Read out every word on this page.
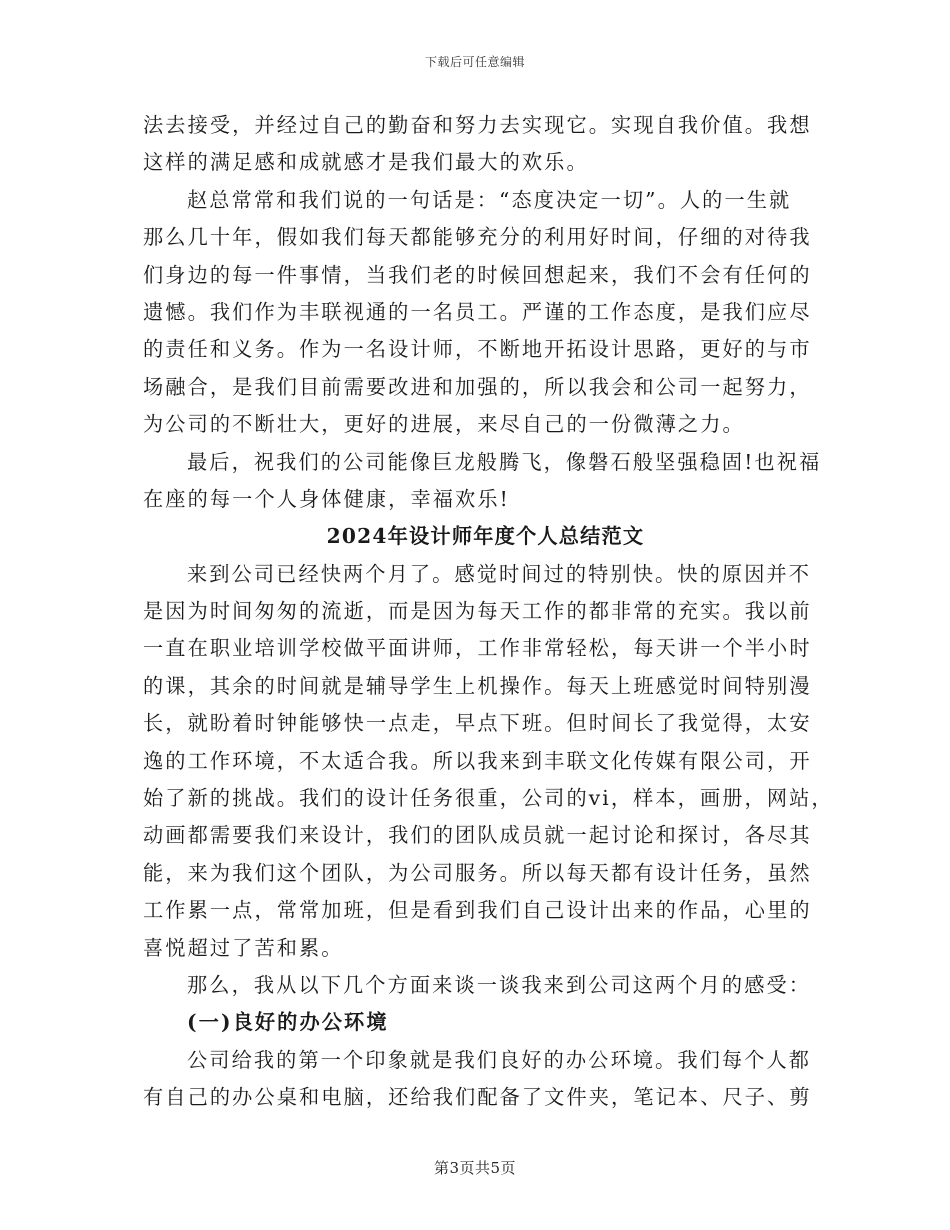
下载后可任意编辑
法去接受，并经过自己的勤奋和努力去实现它。实现自我价值。我想
这样的满足感和成就感才是我们最大的欢乐。
赵总常常和我们说的一句话是：“态度决定一切”。人的一生就
那么几十年，假如我们每天都能够充分的利用好时间，仔细的对待我
们身边的每一件事情，当我们老的时候回想起来，我们不会有任何的
遗憾。我们作为丰联视通的一名员工。严谨的工作态度，是我们应尽
的责任和义务。作为一名设计师，不断地开拓设计思路，更好的与市
场融合，是我们目前需要改进和加强的，所以我会和公司一起努力，
为公司的不断壮大，更好的进展，来尽自己的一份微薄之力。
最后，祝我们的公司能像巨龙般腾飞，像磐石般坚强稳固!也祝福
在座的每一个人身体健康，幸福欢乐!
2024年设计师年度个人总结范文
来到公司已经快两个月了。感觉时间过的特别快。快的原因并不
是因为时间匆匆的流逝，而是因为每天工作的都非常的充实。我以前
一直在职业培训学校做平面讲师，工作非常轻松，每天讲一个半小时
的课，其余的时间就是辅导学生上机操作。每天上班感觉时间特别漫
长，就盼着时钟能够快一点走，早点下班。但时间长了我觉得，太安
逸的工作环境，不太适合我。所以我来到丰联文化传媒有限公司，开
始了新的挑战。我们的设计任务很重，公司的vi，样本，画册，网站，
动画都需要我们来设计，我们的团队成员就一起讨论和探讨，各尽其
能，来为我们这个团队，为公司服务。所以每天都有设计任务，虽然
工作累一点，常常加班，但是看到我们自己设计出来的作品，心里的
喜悦超过了苦和累。
那么，我从以下几个方面来谈一谈我来到公司这两个月的感受：
(一)良好的办公环境
公司给我的第一个印象就是我们良好的办公环境。我们每个人都
有自己的办公桌和电脑，还给我们配备了文件夹，笔记本、尺子、剪
第3页共5页
